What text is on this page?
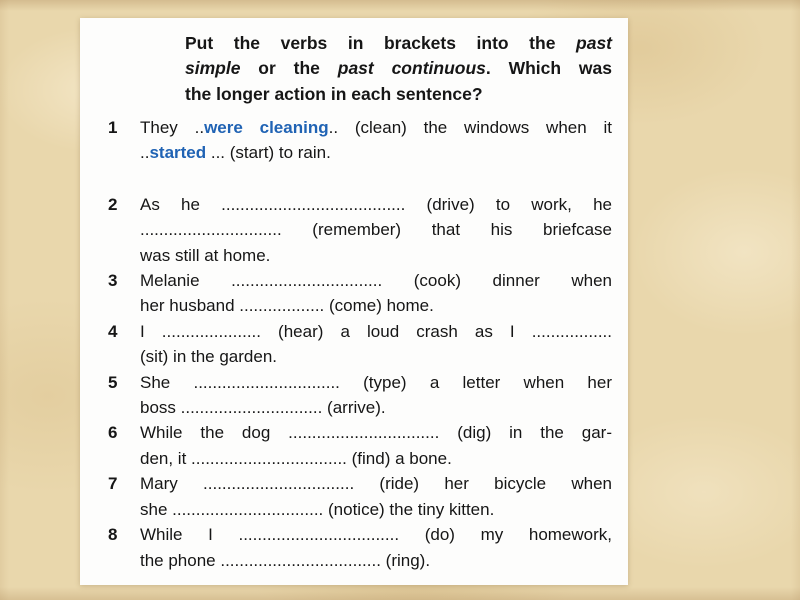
Put the verbs in brackets into the past
simple or the past continuous. Which was
the longer action in each sentence?
1	They ..were cleaning.. (clean) the windows when it
..started ... (start) to rain.
2	As he ....................................... (drive) to work, he
.............................. (remember) that his briefcase
was still at home.
3	Melanie ................................ (cook) dinner when
her husband .................. (come) home.
4	I ..................... (hear) a loud crash as I .................
(sit) in the garden.
5	She ............................... (type) a letter when her
boss .............................. (arrive).
6	While the dog ................................ (dig) in the gar-
den, it ................................. (find) a bone.
7	Mary ................................ (ride) her bicycle when
she ................................ (notice) the tiny kitten.
8	While I .................................. (do) my homework,
the phone .................................. (ring).
